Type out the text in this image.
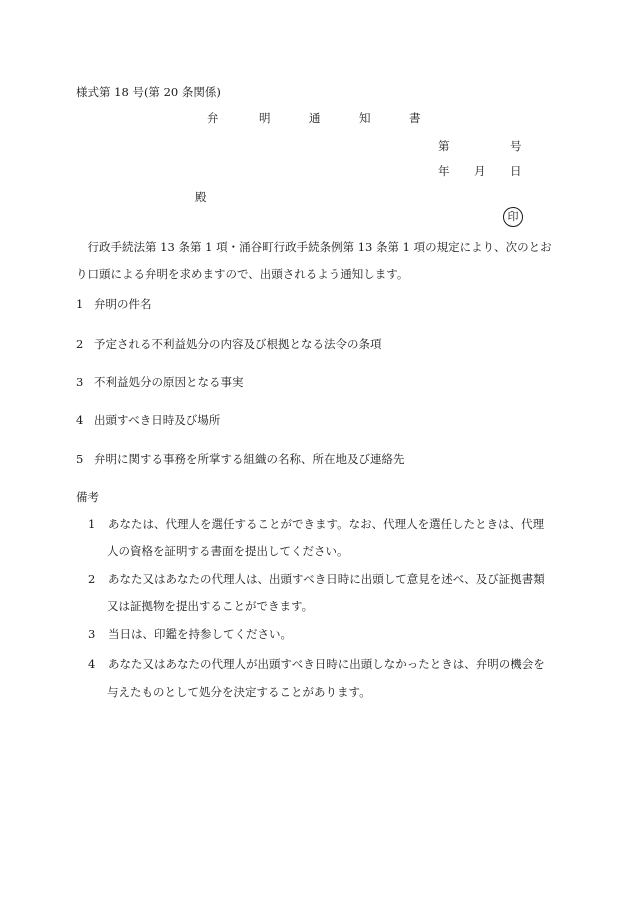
様式第 18 号(第 20 条関係)
弁	明	通	知	書
第	号
年 月 日
殿
印
　行政手続法第 13 条第 1 項・涌谷町行政手続条例第 13 条第 1 項の規定により、次のとお
り口頭による弁明を求めますので、出頭されるよう通知します。
1 弁明の件名
2 予定される不利益処分の内容及び根拠となる法令の条項
3 不利益処分の原因となる事実
4 出頭すべき日時及び場所
5 弁明に関する事務を所掌する組織の名称、所在地及び連絡先
備考
1 あなたは、代理人を選任することができます。なお、代理人を選任したときは、代理
人の資格を証明する書面を提出してください。
2 あなた又はあなたの代理人は、出頭すべき日時に出頭して意見を述べ、及び証拠書類
又は証拠物を提出することができます。
3 当日は、印鑑を持参してください。
4 あなた又はあなたの代理人が出頭すべき日時に出頭しなかったときは、弁明の機会を
与えたものとして処分を決定することがあります。
